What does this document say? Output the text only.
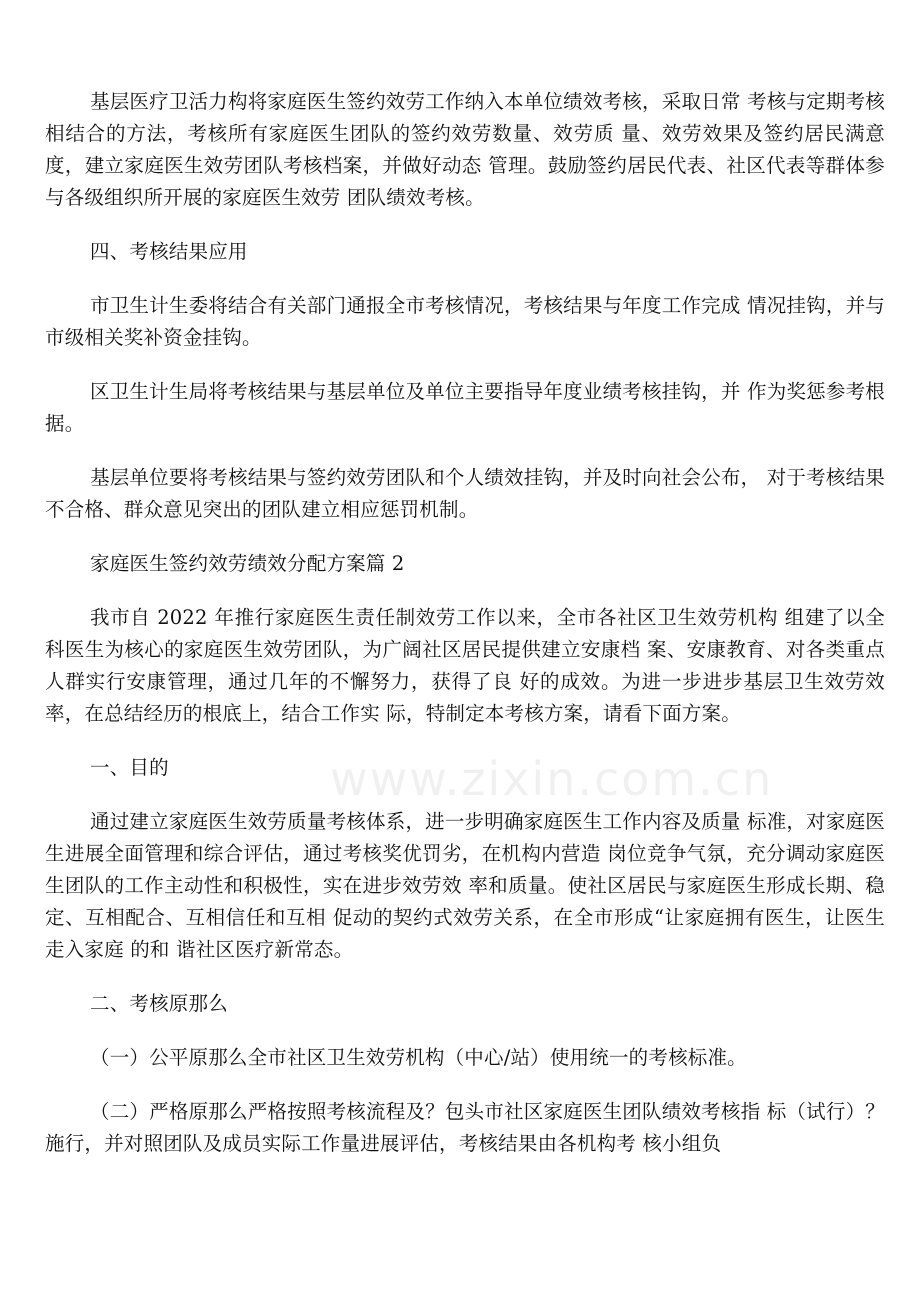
www.zixin.com.cn

基层医疗卫活力构将家庭医生签约效劳工作纳入本单位绩效考核，采取日常 考核与定期考核相结合的方法，考核所有家庭医生团队的签约效劳数量、效劳质 量、效劳效果及签约居民满意度，建立家庭医生效劳团队考核档案，并做好动态 管理。鼓励签约居民代表、社区代表等群体参与各级组织所开展的家庭医生效劳 团队绩效考核。

四、考核结果应用

市卫生计生委将结合有关部门通报全市考核情况，考核结果与年度工作完成 情况挂钩，并与市级相关奖补资金挂钩。

区卫生计生局将考核结果与基层单位及单位主要指导年度业绩考核挂钩，并 作为奖惩参考根据。

基层单位要将考核结果与签约效劳团队和个人绩效挂钩，并及时向社会公布， 对于考核结果不合格、群众意见突出的团队建立相应惩罚机制。

家庭医生签约效劳绩效分配方案篇 2

我市自 2022 年推行家庭医生责任制效劳工作以来，全市各社区卫生效劳机构 组建了以全科医生为核心的家庭医生效劳团队，为广阔社区居民提供建立安康档 案、安康教育、对各类重点人群实行安康管理，通过几年的不懈努力，获得了良 好的成效。为进一步进步基层卫生效劳效率，在总结经历的根底上，结合工作实 际，特制定本考核方案，请看下面方案。

一、目的

通过建立家庭医生效劳质量考核体系，进一步明确家庭医生工作内容及质量 标准，对家庭医生进展全面管理和综合评估，通过考核奖优罚劣，在机构内营造 岗位竞争气氛，充分调动家庭医生团队的工作主动性和积极性，实在进步效劳效 率和质量。使社区居民与家庭医生形成长期、稳定、互相配合、互相信任和互相 促动的契约式效劳关系，在全市形成“让家庭拥有医生，让医生走入家庭 的和 谐社区医疗新常态。

二、考核原那么

（一）公平原那么全市社区卫生效劳机构（中心/站）使用统一的考核标准。

（二）严格原那么严格按照考核流程及？包头市社区家庭医生团队绩效考核指 标（试行）？施行，并对照团队及成员实际工作量进展评估，考核结果由各机构考 核小组负
